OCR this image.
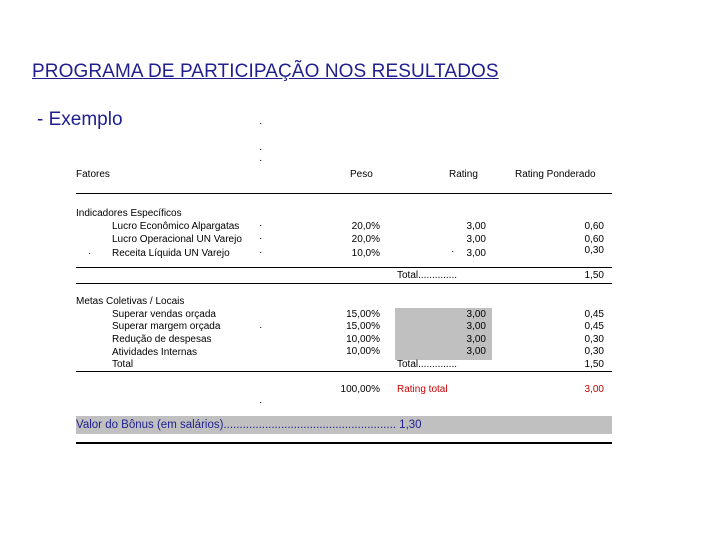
PROGRAMA DE PARTICIPAÇÃO NOS RESULTADOS
- Exemplo	·
·
·
Fatores	Peso	Rating	Rating Ponderado
Indicadores Específicos
Lucro Econômico Alpargatas	20,0%	3,00	0,60
·
Lucro Operacional UN Varejo	20,0%	3,00	0,60
·
· Receita Líquida UN Varejo	10,0%	·	3,00	0,30
·
Total..............	1,50
Metas Coletivas / Locais
Superar vendas orçada	15,00%	3,00	0,45
Superar margem orçada	15,00%	3,00	0,45
·
Redução de despesas	10,00%	3,00	0,30
Atividades Internas	10,00%	3,00	0,30
Total	Total..............	1,50
100,00% Rating total	3,00
·
Valor do Bônus (em salários)...................................................... 1,30
